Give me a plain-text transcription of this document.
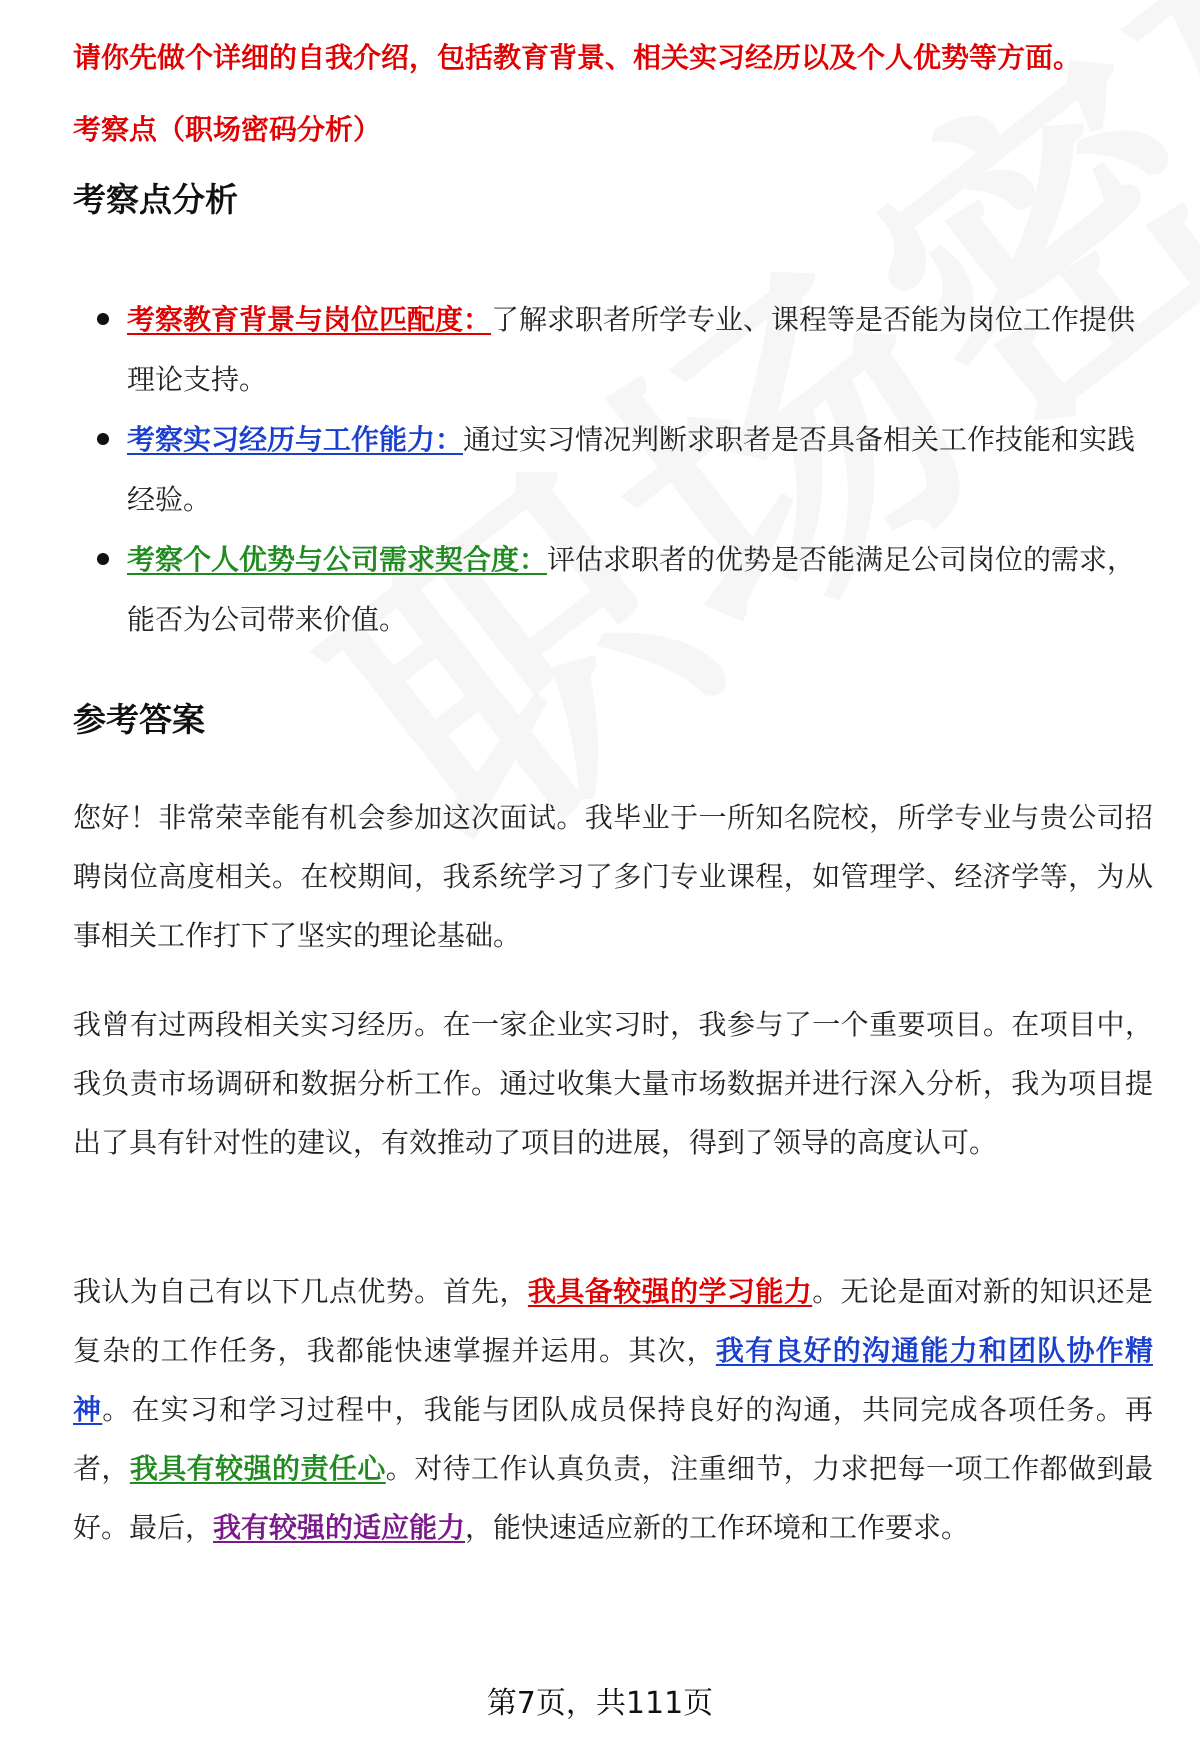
请你先做个详细的自我介绍，包括教育背景、相关实习经历以及个人优势等方面。
考察点（职场密码分析）
考察点分析
考察教育背景与岗位匹配度：了解求职者所学专业、课程等是否能为岗位工作提供理论支持。
考察实习经历与工作能力：通过实习情况判断求职者是否具备相关工作技能和实践经验。
考察个人优势与公司需求契合度：评估求职者的优势是否能满足公司岗位的需求，能否为公司带来价值。
参考答案

您好！非常荣幸能有机会参加这次面试。我毕业于一所知名院校，所学专业与贵公司招聘岗位高度相关。在校期间，我系统学习了多门专业课程，如管理学、经济学等，为从事相关工作打下了坚实的理论基础。

我曾有过两段相关实习经历。在一家企业实习时，我参与了一个重要项目。在项目中，我负责市场调研和数据分析工作。通过收集大量市场数据并进行深入分析，我为项目提出了具有针对性的建议，有效推动了项目的进展，得到了领导的高度认可。

我认为自己有以下几点优势。首先，我具备较强的学习能力。无论是面对新的知识还是复杂的工作任务，我都能快速掌握并运用。其次，我有良好的沟通能力和团队协作精神。在实习和学习过程中，我能与团队成员保持良好的沟通，共同完成各项任务。再者，我具有较强的责任心。对待工作认真负责，注重细节，力求把每一项工作都做到最好。最后，我有较强的适应能力，能快速适应新的工作环境和工作要求。

第7页，共111页
